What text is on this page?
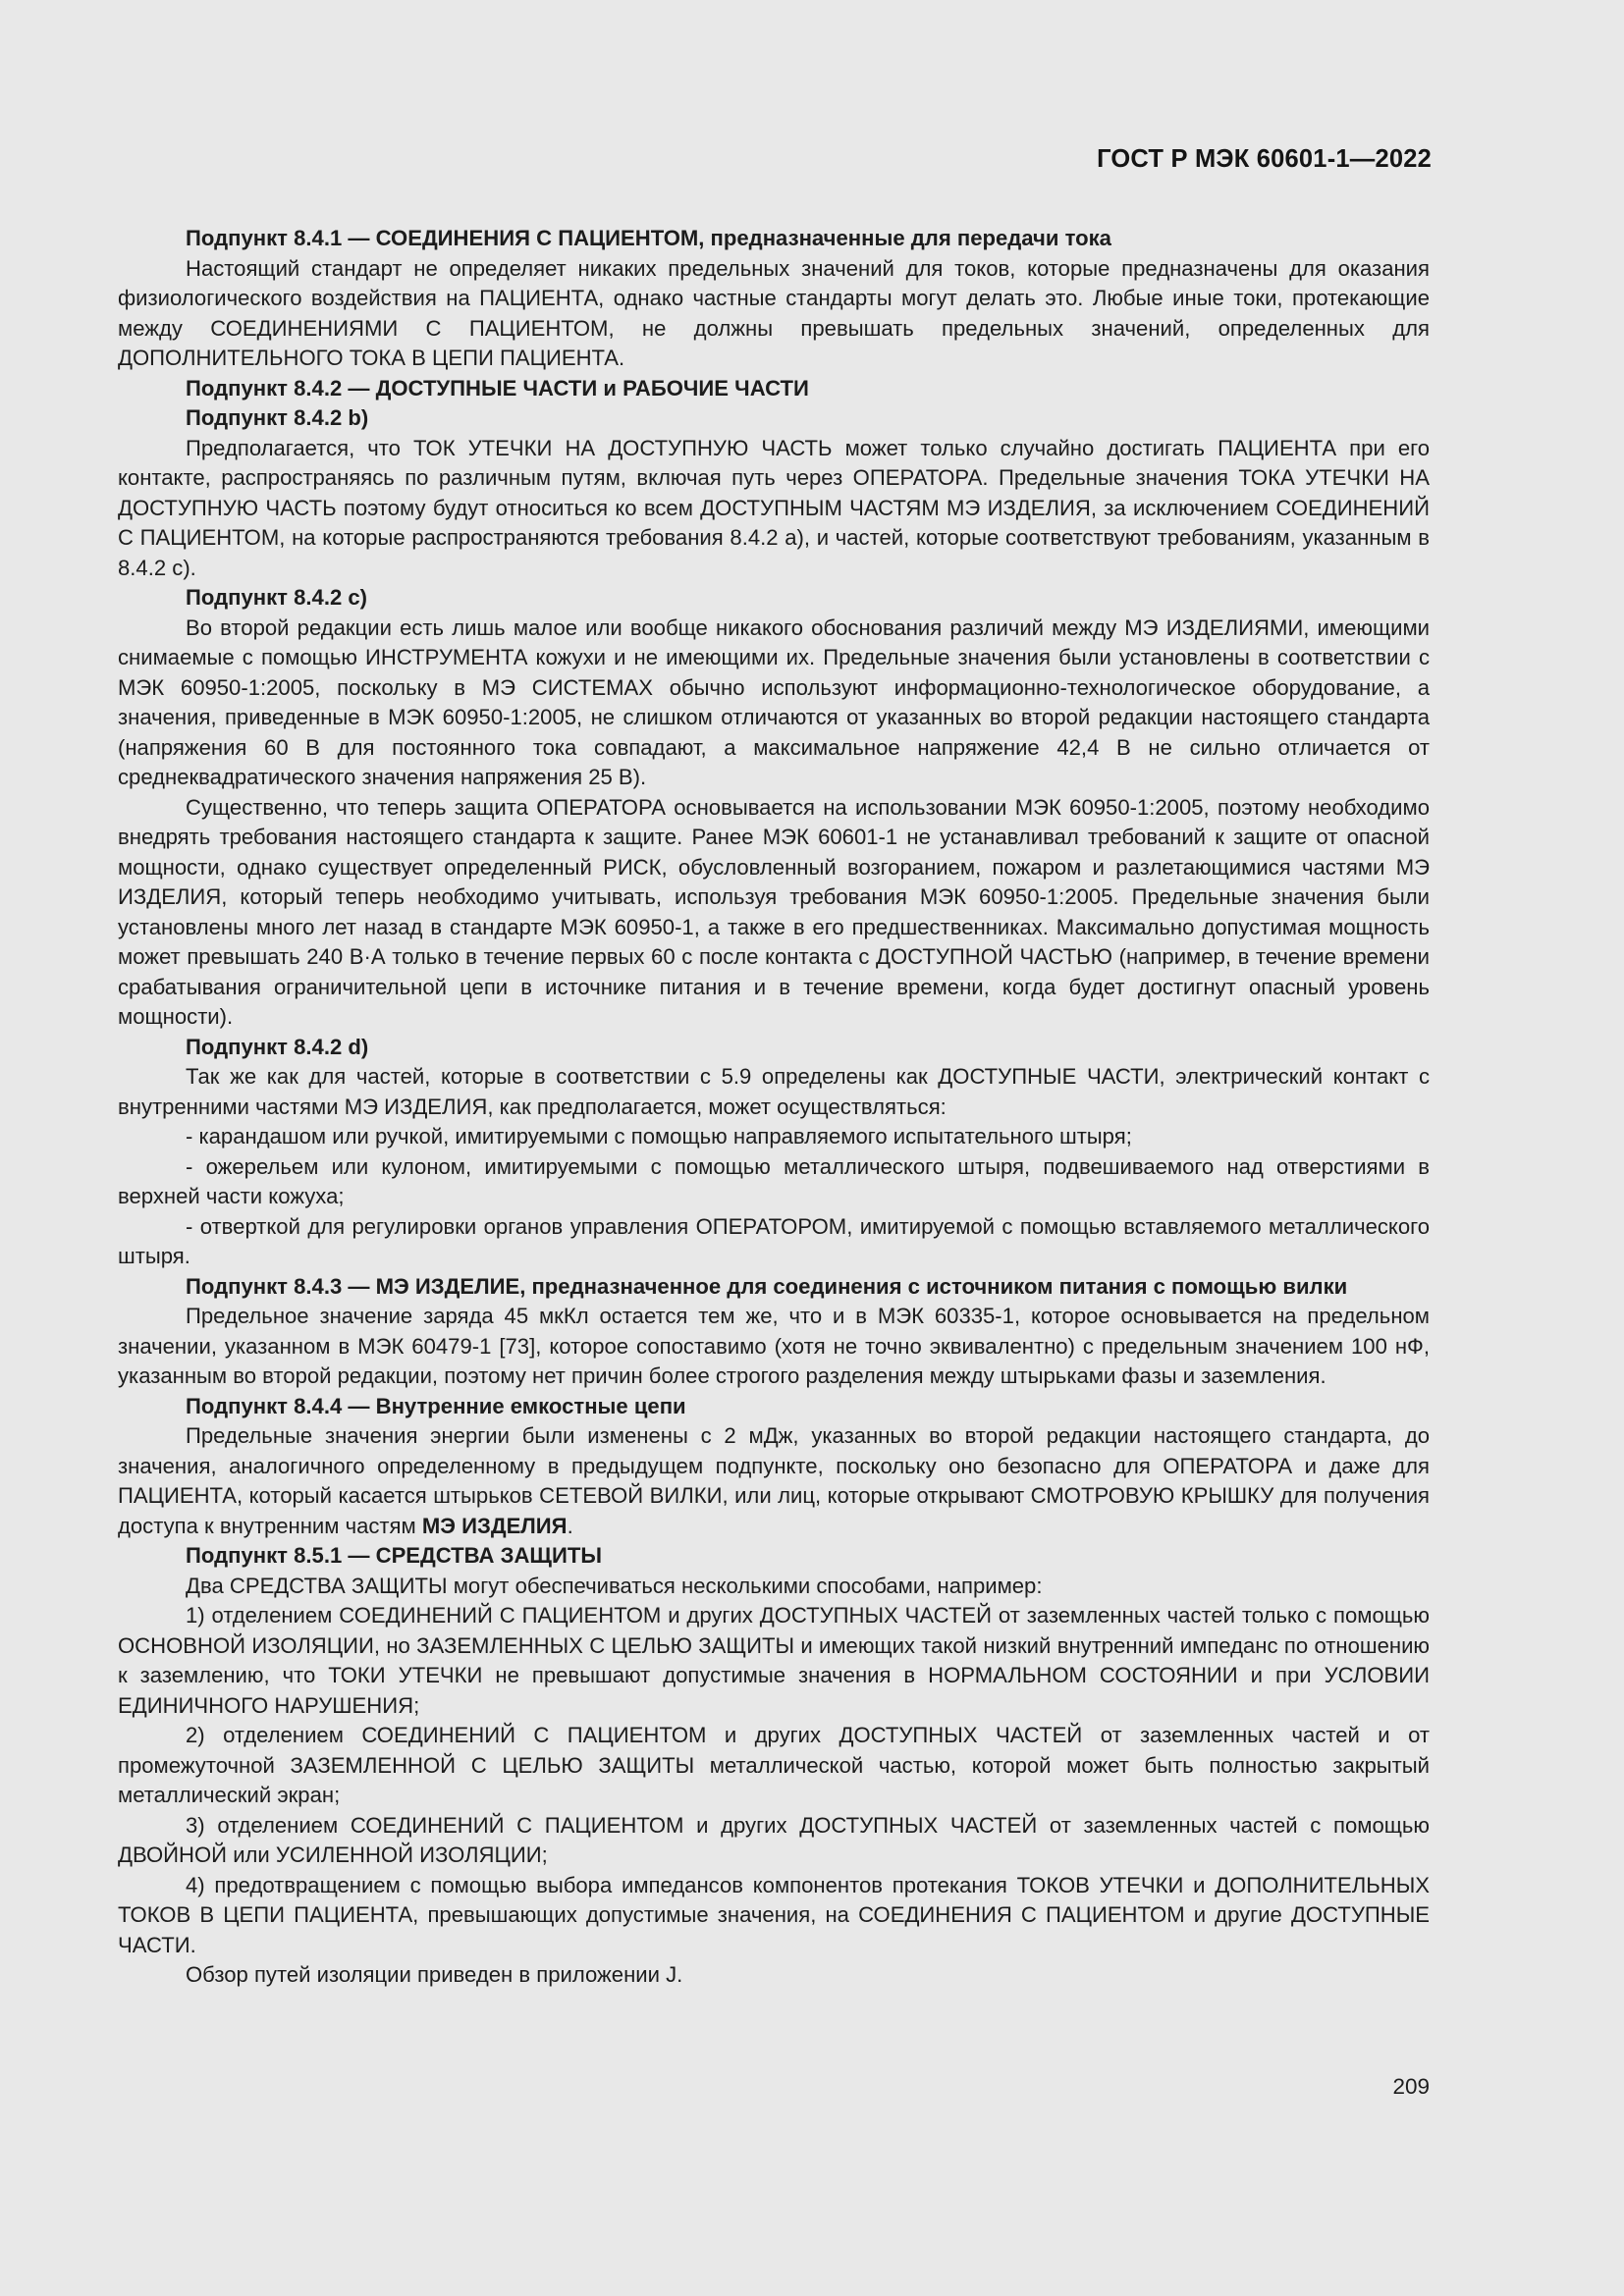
ГОСТ Р МЭК 60601-1—2022

Подпункт 8.4.1 — СОЕДИНЕНИЯ С ПАЦИЕНТОМ, предназначенные для передачи тока

Настоящий стандарт не определяет никаких предельных значений для токов, которые предназначены для оказания физиологического воздействия на ПАЦИЕНТА, однако частные стандарты могут делать это. Любые иные токи, протекающие между СОЕДИНЕНИЯМИ С ПАЦИЕНТОМ, не должны превышать предельных значений, определенных для ДОПОЛНИТЕЛЬНОГО ТОКА В ЦЕПИ ПАЦИЕНТА.

Подпункт 8.4.2 — ДОСТУПНЫЕ ЧАСТИ и РАБОЧИЕ ЧАСТИ

Подпункт 8.4.2 b)

Предполагается, что ТОК УТЕЧКИ НА ДОСТУПНУЮ ЧАСТЬ может только случайно достигать ПАЦИЕНТА при его контакте, распространяясь по различным путям, включая путь через ОПЕРАТОРА. Предельные значения ТОКА УТЕЧКИ НА ДОСТУПНУЮ ЧАСТЬ поэтому будут относиться ко всем ДОСТУПНЫМ ЧАСТЯМ МЭ ИЗДЕЛИЯ, за исключением СОЕДИНЕНИЙ С ПАЦИЕНТОМ, на которые распространяются требования 8.4.2 а), и частей, которые соответствуют требованиям, указанным в 8.4.2 с).

Подпункт 8.4.2 с)

Во второй редакции есть лишь малое или вообще никакого обоснования различий между МЭ ИЗДЕЛИЯМИ, имеющими снимаемые с помощью ИНСТРУМЕНТА кожухи и не имеющими их. Предельные значения были установлены в соответствии с МЭК 60950-1:2005, поскольку в МЭ СИСТЕМАХ обычно используют информационно-технологическое оборудование, а значения, приведенные в МЭК 60950-1:2005, не слишком отличаются от указанных во второй редакции настоящего стандарта (напряжения 60 В для постоянного тока совпадают, а максимальное напряжение 42,4 В не сильно отличается от среднеквадратического значения напряжения 25 В).

Существенно, что теперь защита ОПЕРАТОРА основывается на использовании МЭК 60950-1:2005, поэтому необходимо внедрять требования настоящего стандарта к защите. Ранее МЭК 60601-1 не устанавливал требований к защите от опасной мощности, однако существует определенный РИСК, обусловленный возгоранием, пожаром и разлетающимися частями МЭ ИЗДЕЛИЯ, который теперь необходимо учитывать, используя требования МЭК 60950-1:2005. Предельные значения были установлены много лет назад в стандарте МЭК 60950-1, а также в его предшественниках. Максимально допустимая мощность может превышать 240 В·А только в течение первых 60 с после контакта с ДОСТУПНОЙ ЧАСТЬЮ (например, в течение времени срабатывания ограничительной цепи в источнике питания и в течение времени, когда будет достигнут опасный уровень мощности).

Подпункт 8.4.2 d)

Так же как для частей, которые в соответствии с 5.9 определены как ДОСТУПНЫЕ ЧАСТИ, электрический контакт с внутренними частями МЭ ИЗДЕЛИЯ, как предполагается, может осуществляться:

- карандашом или ручкой, имитируемыми с помощью направляемого испытательного штыря;

- ожерельем или кулоном, имитируемыми с помощью металлического штыря, подвешиваемого над отверстиями в верхней части кожуха;

- отверткой для регулировки органов управления ОПЕРАТОРОМ, имитируемой с помощью вставляемого металлического штыря.

Подпункт 8.4.3 — МЭ ИЗДЕЛИЕ, предназначенное для соединения с источником питания с помощью вилки

Предельное значение заряда 45 мкКл остается тем же, что и в МЭК 60335-1, которое основывается на предельном значении, указанном в МЭК 60479-1 [73], которое сопоставимо (хотя не точно эквивалентно) с предельным значением 100 нФ, указанным во второй редакции, поэтому нет причин более строгого разделения между штырьками фазы и заземления.

Подпункт 8.4.4 — Внутренние емкостные цепи

Предельные значения энергии были изменены с 2 мДж, указанных во второй редакции настоящего стандарта, до значения, аналогичного определенному в предыдущем подпункте, поскольку оно безопасно для ОПЕРАТОРА и даже для ПАЦИЕНТА, который касается штырьков СЕТЕВОЙ ВИЛКИ, или лиц, которые открывают СМОТРОВУЮ КРЫШКУ для получения доступа к внутренним частям МЭ ИЗДЕЛИЯ.

Подпункт 8.5.1 — СРЕДСТВА ЗАЩИТЫ

Два СРЕДСТВА ЗАЩИТЫ могут обеспечиваться несколькими способами, например:

1) отделением СОЕДИНЕНИЙ С ПАЦИЕНТОМ и других ДОСТУПНЫХ ЧАСТЕЙ от заземленных частей только с помощью ОСНОВНОЙ ИЗОЛЯЦИИ, но ЗАЗЕМЛЕННЫХ С ЦЕЛЬЮ ЗАЩИТЫ и имеющих такой низкий внутренний импеданс по отношению к заземлению, что ТОКИ УТЕЧКИ не превышают допустимые значения в НОРМАЛЬНОМ СОСТОЯНИИ и при УСЛОВИИ ЕДИНИЧНОГО НАРУШЕНИЯ;

2) отделением СОЕДИНЕНИЙ С ПАЦИЕНТОМ и других ДОСТУПНЫХ ЧАСТЕЙ от заземленных частей и от промежуточной ЗАЗЕМЛЕННОЙ С ЦЕЛЬЮ ЗАЩИТЫ металлической частью, которой может быть полностью закрытый металлический экран;

3) отделением СОЕДИНЕНИЙ С ПАЦИЕНТОМ и других ДОСТУПНЫХ ЧАСТЕЙ от заземленных частей с помощью ДВОЙНОЙ или УСИЛЕННОЙ ИЗОЛЯЦИИ;

4) предотвращением с помощью выбора импедансов компонентов протекания ТОКОВ УТЕЧКИ и ДОПОЛНИТЕЛЬНЫХ ТОКОВ В ЦЕПИ ПАЦИЕНТА, превышающих допустимые значения, на СОЕДИНЕНИЯ С ПАЦИЕНТОМ и другие ДОСТУПНЫЕ ЧАСТИ.

Обзор путей изоляции приведен в приложении J.

209
